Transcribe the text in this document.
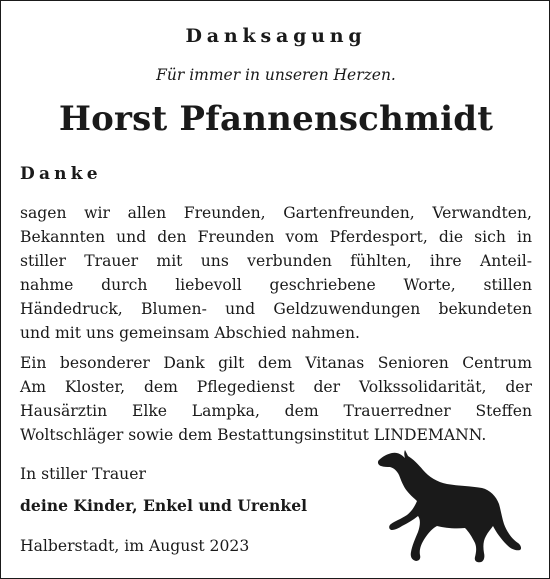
Danksagung

Für immer in unseren Herzen.

Horst Pfannenschmidt

Danke

sagen wir allen Freunden, Gartenfreunden, Verwandten,
Bekannten und den Freunden vom Pferdesport, die sich in
stiller Trauer mit uns verbunden fühlten, ihre Anteil-
nahme durch liebevoll geschriebene Worte, stillen
Händedruck, Blumen- und Geldzuwendungen bekundeten
und mit uns gemeinsam Abschied nahmen.

Ein besonderer Dank gilt dem Vitanas Senioren Centrum
Am Kloster, dem Pflegedienst der Volkssolidarität, der
Hausärztin Elke Lampka, dem Trauerredner Steffen
Woltschläger sowie dem Bestattungsinstitut LINDEMANN.

In stiller Trauer

deine Kinder, Enkel und Urenkel

Halberstadt, im August 2023
